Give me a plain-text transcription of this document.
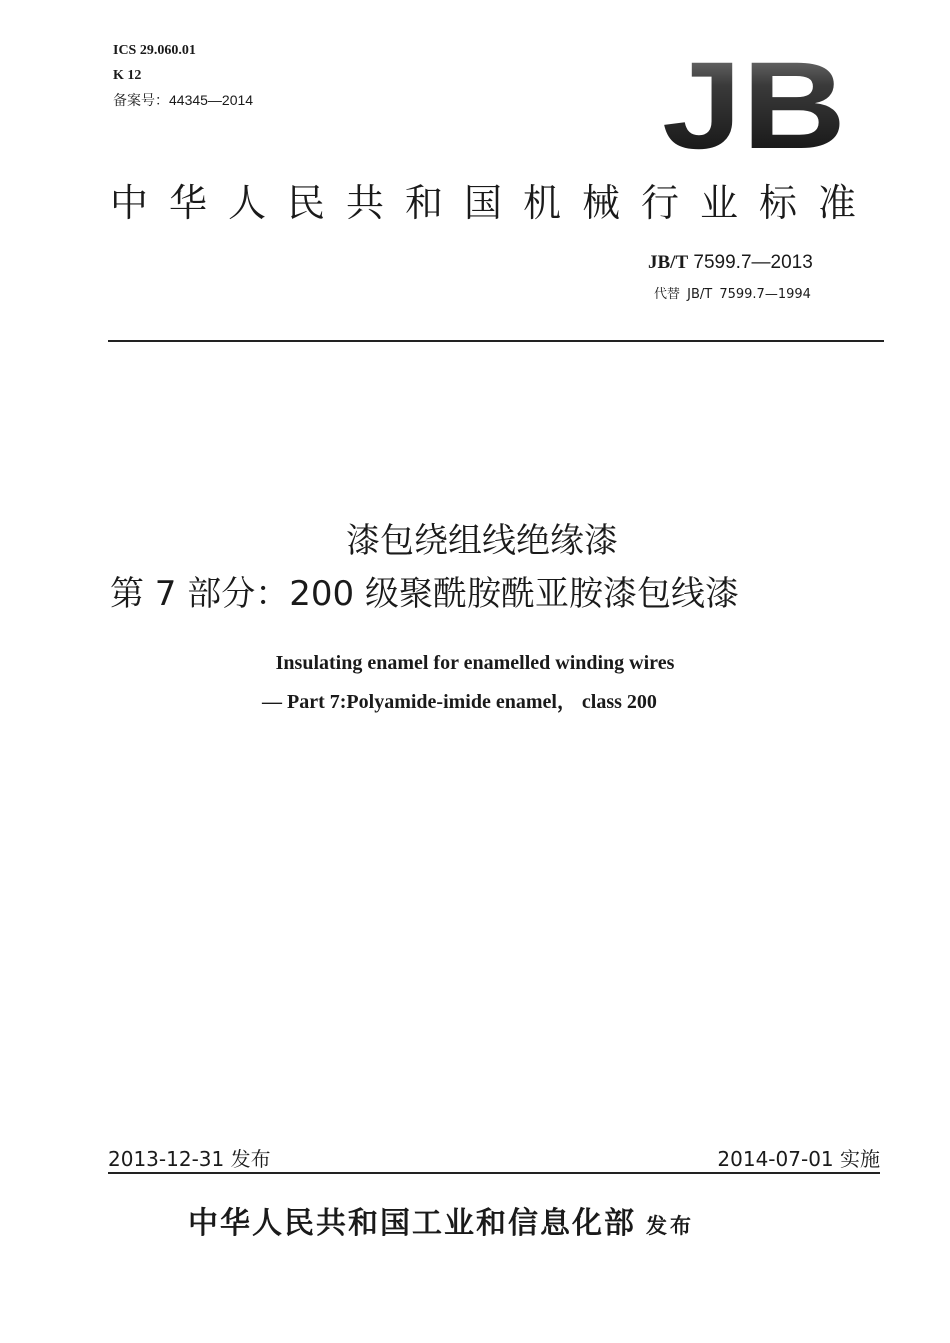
ICS 29.060.01
K 12
备案号：44345—2014	JB
中华人民共和国机械行业标准
JB/T 7599.7—2013
代替 JB/T 7599.7—1994
漆包绕组线绝缘漆
第 7 部分：200 级聚酰胺酰亚胺漆包线漆
Insulating enamel for enamelled winding wires
— Part 7:Polyamide-imide enamel， class 200
2013-12-31 发布	2014-07-01 实施
中华人民共和国工业和信息化部 发布
